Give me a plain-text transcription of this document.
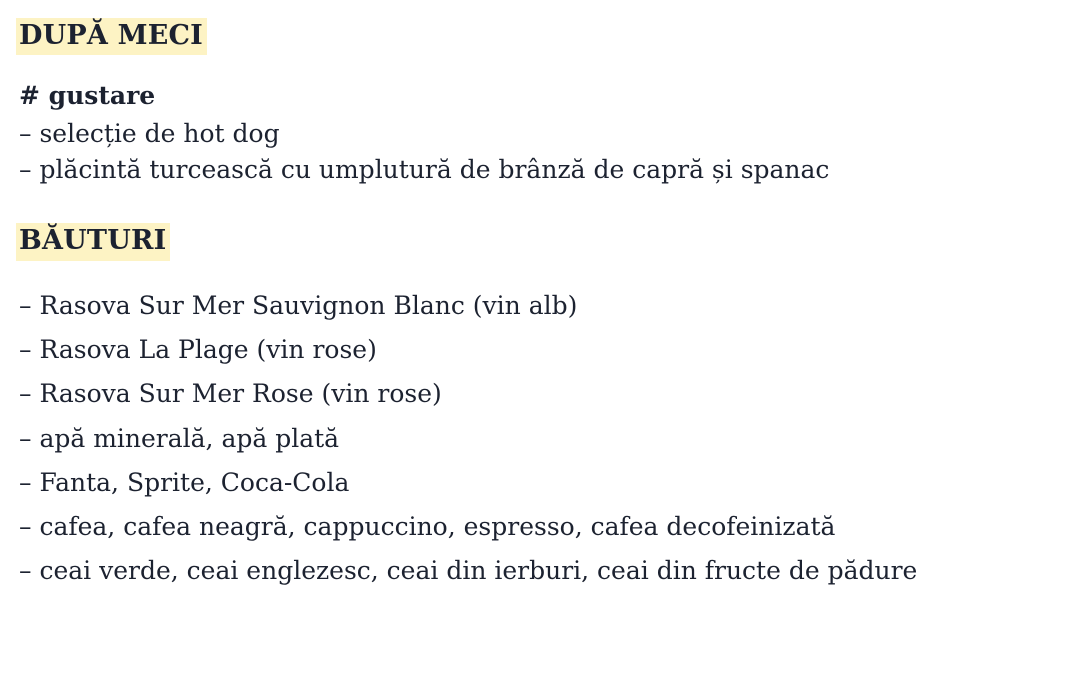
DUPĂ MECI
# gustare

– selecție de hot dog

– plăcintă turcească cu umplutură de brânză de capră și spanac

BĂUTURI

– Rasova Sur Mer Sauvignon Blanc (vin alb)

– Rasova La Plage (vin rose)

– Rasova Sur Mer Rose (vin rose)

– apă minerală, apă plată

– Fanta, Sprite, Coca-Cola

– cafea, cafea neagră, cappuccino, espresso, cafea decofeinizată

– ceai verde, ceai englezesc, ceai din ierburi, ceai din fructe de pădure
